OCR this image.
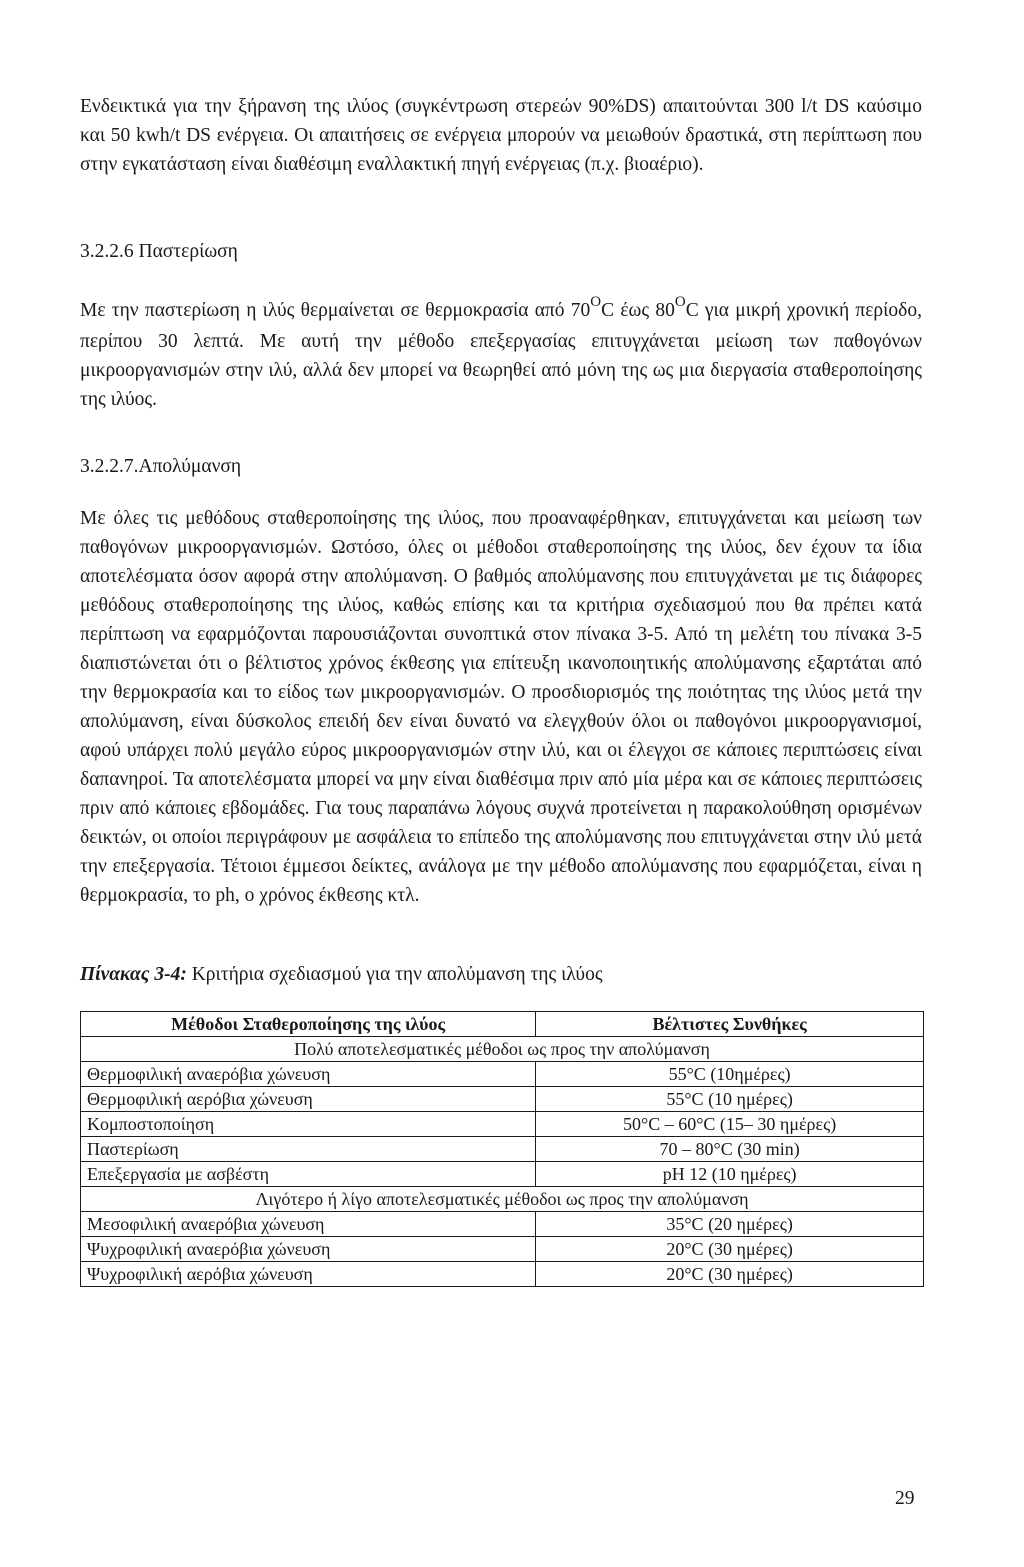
Ενδεικτικά για την ξήρανση της ιλύος (συγκέντρωση στερεών 90%DS) απαιτούνται 300 l/t DS καύσιμο και 50 kwh/t DS ενέργεια. Οι απαιτήσεις σε ενέργεια μπορούν να μειωθούν δραστικά, στη περίπτωση που στην εγκατάσταση είναι διαθέσιμη εναλλακτική πηγή ενέργειας (π.χ. βιοαέριο).

3.2.2.6 Παστερίωση

Με την παστερίωση η ιλύς θερμαίνεται σε θερμοκρασία από $70^OC$ έως $80^OC$ για μικρή χρονική περίοδο, περίπου 30 λεπτά. Με αυτή την μέθοδο επεξεργασίας επιτυγχάνεται μείωση των παθογόνων μικροοργανισμών στην ιλύ, αλλά δεν μπορεί να θεωρηθεί από μόνη της ως μια διεργασία σταθεροποίησης της ιλύος.

3.2.2.7.Απολύμανση

Με όλες τις μεθόδους σταθεροποίησης της ιλύος, που προαναφέρθηκαν, επιτυγχάνεται και μείωση των παθογόνων μικροοργανισμών. Ωστόσο, όλες οι μέθοδοι σταθεροποίησης της ιλύος, δεν έχουν τα ίδια αποτελέσματα όσον αφορά στην απολύμανση. Ο βαθμός απολύμανσης που επιτυγχάνεται με τις διάφορες μεθόδους σταθεροποίησης της ιλύος, καθώς επίσης και τα κριτήρια σχεδιασμού που θα πρέπει κατά περίπτωση να εφαρμόζονται παρουσιάζονται συνοπτικά στον πίνακα 3-5. Από τη μελέτη του πίνακα 3-5 διαπιστώνεται ότι ο βέλτιστος χρόνος έκθεσης για επίτευξη ικανοποιητικής απολύμανσης εξαρτάται από την θερμοκρασία και το είδος των μικροοργανισμών. Ο προσδιορισμός της ποιότητας της ιλύος μετά την απολύμανση, είναι δύσκολος επειδή δεν είναι δυνατό να ελεγχθούν όλοι οι παθογόνοι μικροοργανισμοί, αφού υπάρχει πολύ μεγάλο εύρος μικροοργανισμών στην ιλύ, και οι έλεγχοι σε κάποιες περιπτώσεις είναι δαπανηροί. Τα αποτελέσματα μπορεί να μην είναι διαθέσιμα πριν από μία μέρα και σε κάποιες περιπτώσεις πριν από κάποιες εβδομάδες. Για τους παραπάνω λόγους συχνά προτείνεται η παρακολούθηση ορισμένων δεικτών, οι οποίοι περιγράφουν με ασφάλεια το επίπεδο της απολύμανσης που επιτυγχάνεται στην ιλύ μετά την επεξεργασία. Τέτοιοι έμμεσοι δείκτες, ανάλογα με την μέθοδο απολύμανσης που εφαρμόζεται, είναι η θερμοκρασία, το ph, ο χρόνος έκθεσης κτλ.

Πίνακας 3-4: Κριτήρια σχεδιασμού για την απολύμανση της ιλύος

Μέθοδοι Σταθεροποίησης της ιλύος	Βέλτιστες Συνθήκες
Πολύ αποτελεσματικές μέθοδοι ως προς την απολύμανση	
Θερμοφιλική αναερόβια χώνευση	55°C (10ημέρες)
Θερμοφιλική αερόβια χώνευση	55°C (10 ημέρες)
Κομποστοποίηση	50°C – 60°C (15– 30 ημέρες)
Παστερίωση	70 – 80°C (30 min)
Επεξεργασία με ασβέστη	pH 12 (10 ημέρες)
Λιγότερο ή λίγο αποτελεσματικές μέθοδοι ως προς την απολύμανση	
Μεσοφιλική αναερόβια χώνευση	35°C (20 ημέρες)
Ψυχροφιλική αναερόβια χώνευση	20°C (30 ημέρες)
Ψυχροφιλική αερόβια χώνευση	20°C (30 ημέρες)
29
